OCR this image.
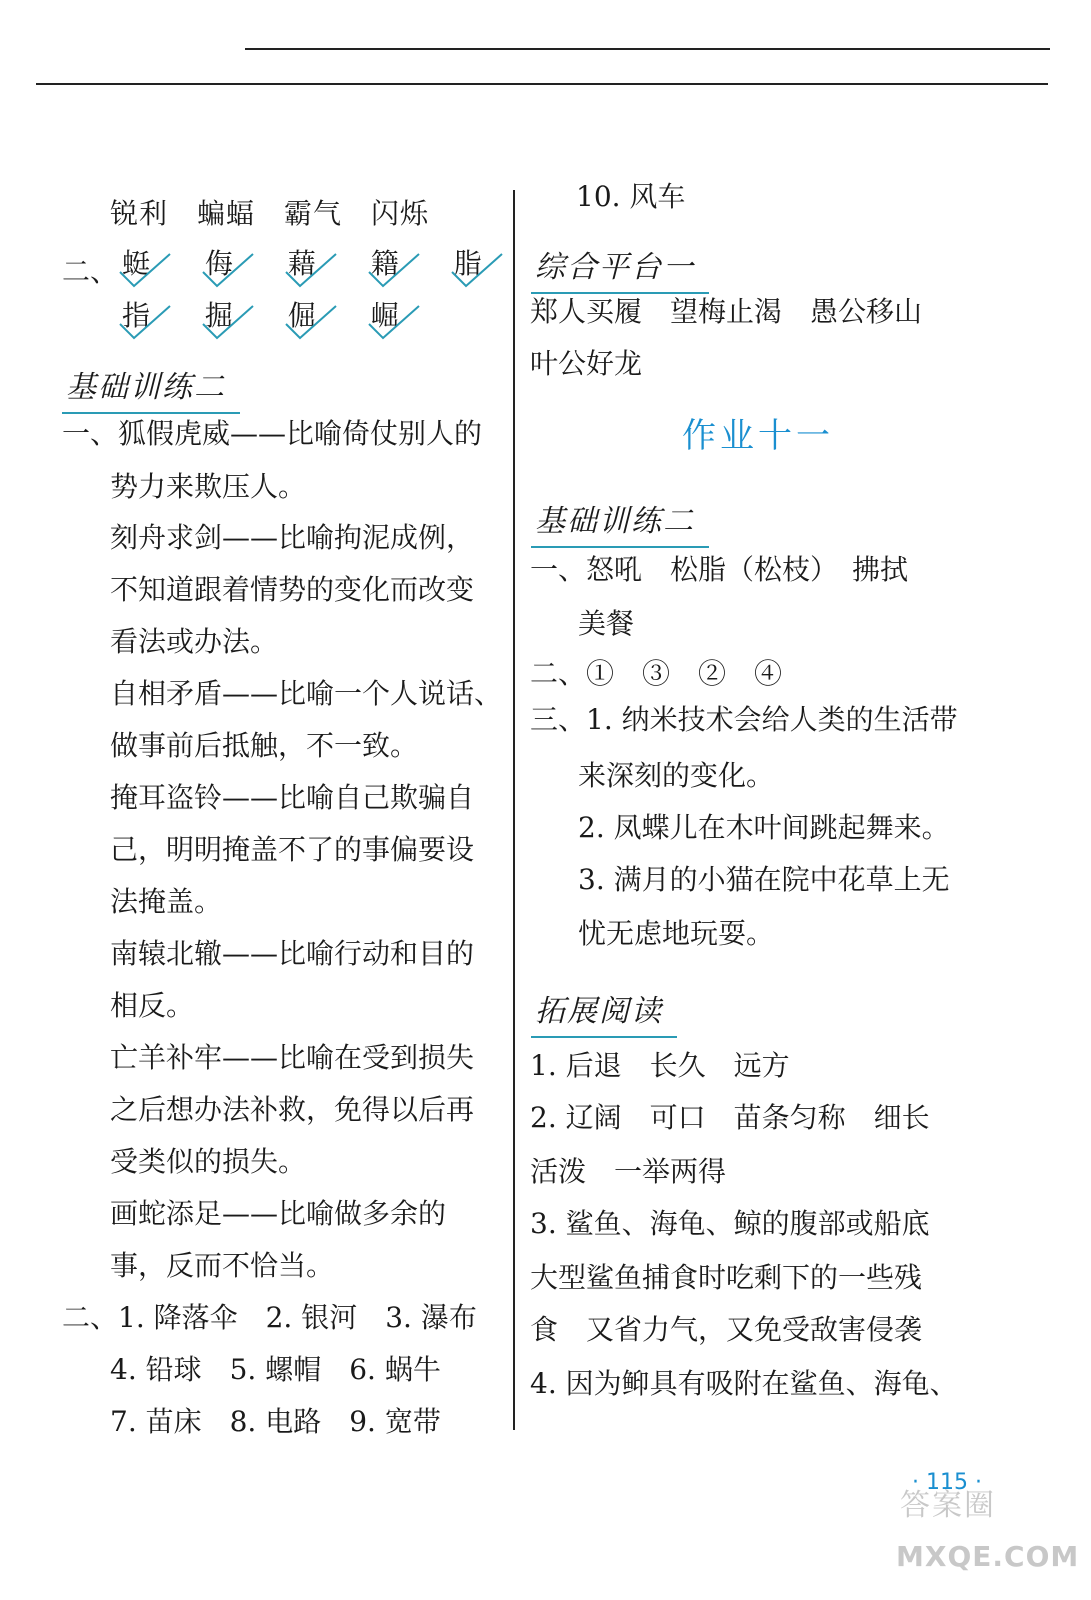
锐利　蝙蝠　霸气　闪烁
二、 蜓
侮
藉
籍
脂
指
掘
倔
崛
基础训练二
一、狐假虎威——比喻倚仗别人的
势力来欺压人。
刻舟求剑——比喻拘泥成例，
不知道跟着情势的变化而改变
看法或办法。
自相矛盾——比喻一个人说话、
做事前后抵触，不一致。
掩耳盗铃——比喻自己欺骗自
己，明明掩盖不了的事偏要设
法掩盖。
南辕北辙——比喻行动和目的
相反。
亡羊补牢——比喻在受到损失
之后想办法补救，免得以后再
受类似的损失。
画蛇添足——比喻做多余的
事，反而不恰当。
二、1. 降落伞　2. 银河　3. 瀑布
4. 铅球　5. 螺帽　6. 蜗牛
7. 苗床　8. 电路　9. 宽带
10. 风车
综合平台一
郑人买履　望梅止渴　愚公移山
叶公好龙
作业十一
基础训练二
一、怒吼　松脂（松枝）　拂拭
美餐
二、①　③　②　④
三、1. 纳米技术会给人类的生活带
来深刻的变化。
2. 凤蝶儿在木叶间跳起舞来。
3. 满月的小猫在院中花草上无
忧无虑地玩耍。
拓展阅读
1. 后退　长久　远方
2. 辽阔　可口　苗条匀称　细长
活泼　一举两得
3. 鲨鱼、海龟、鲸的腹部或船底
大型鲨鱼捕食时吃剩下的一些残
食　又省力气，又免受敌害侵袭
4. 因为䲟具有吸附在鲨鱼、海龟、
· 115 ·
答案圈
MXQE.COM
